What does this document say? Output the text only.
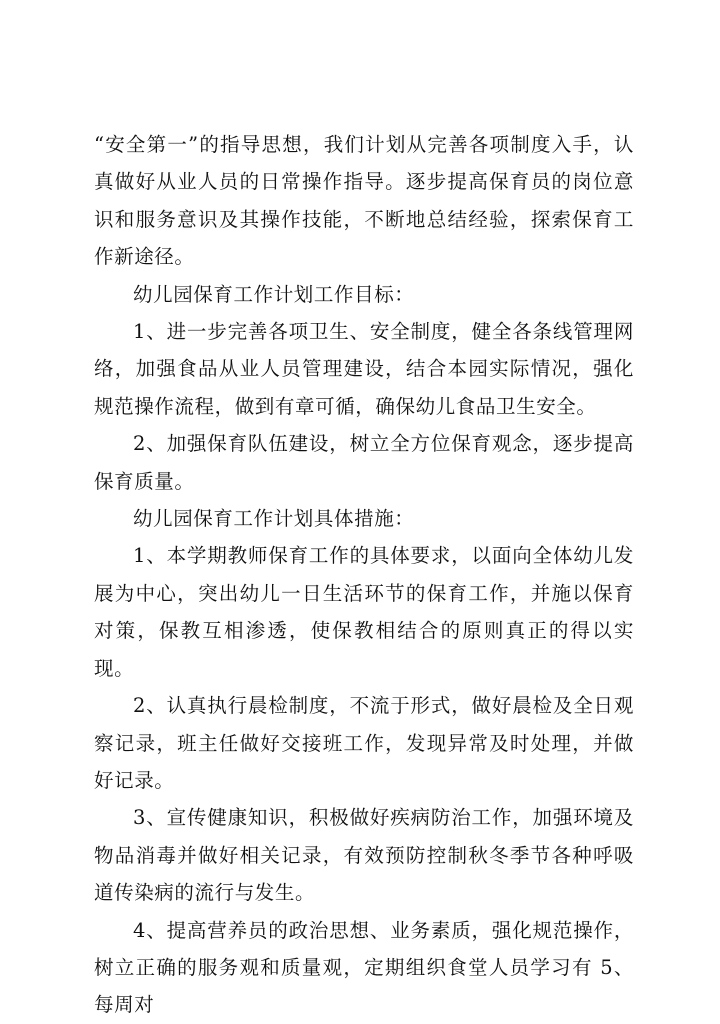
“安全第一”的指导思想，我们计划从完善各项制度入手，认真做好从业人员的日常操作指导。逐步提高保育员的岗位意识和服务意识及其操作技能，不断地总结经验，探索保育工作新途径。

幼儿园保育工作计划工作目标：

1、进一步完善各项卫生、安全制度，健全各条线管理网络，加强食品从业人员管理建设，结合本园实际情况，强化规范操作流程，做到有章可循，确保幼儿食品卫生安全。

2、加强保育队伍建设，树立全方位保育观念，逐步提高保育质量。

幼儿园保育工作计划具体措施：

1、本学期教师保育工作的具体要求，以面向全体幼儿发展为中心，突出幼儿一日生活环节的保育工作，并施以保育对策，保教互相渗透，使保教相结合的原则真正的得以实现。

2、认真执行晨检制度，不流于形式，做好晨检及全日观察记录，班主任做好交接班工作，发现异常及时处理，并做好记录。

3、宣传健康知识，积极做好疾病防治工作，加强环境及物品消毒并做好相关记录，有效预防控制秋冬季节各种呼吸道传染病的流行与发生。

4、提高营养员的政治思想、业务素质，强化规范操作，树立正确的服务观和质量观，定期组织食堂人员学习有 5、每周对
